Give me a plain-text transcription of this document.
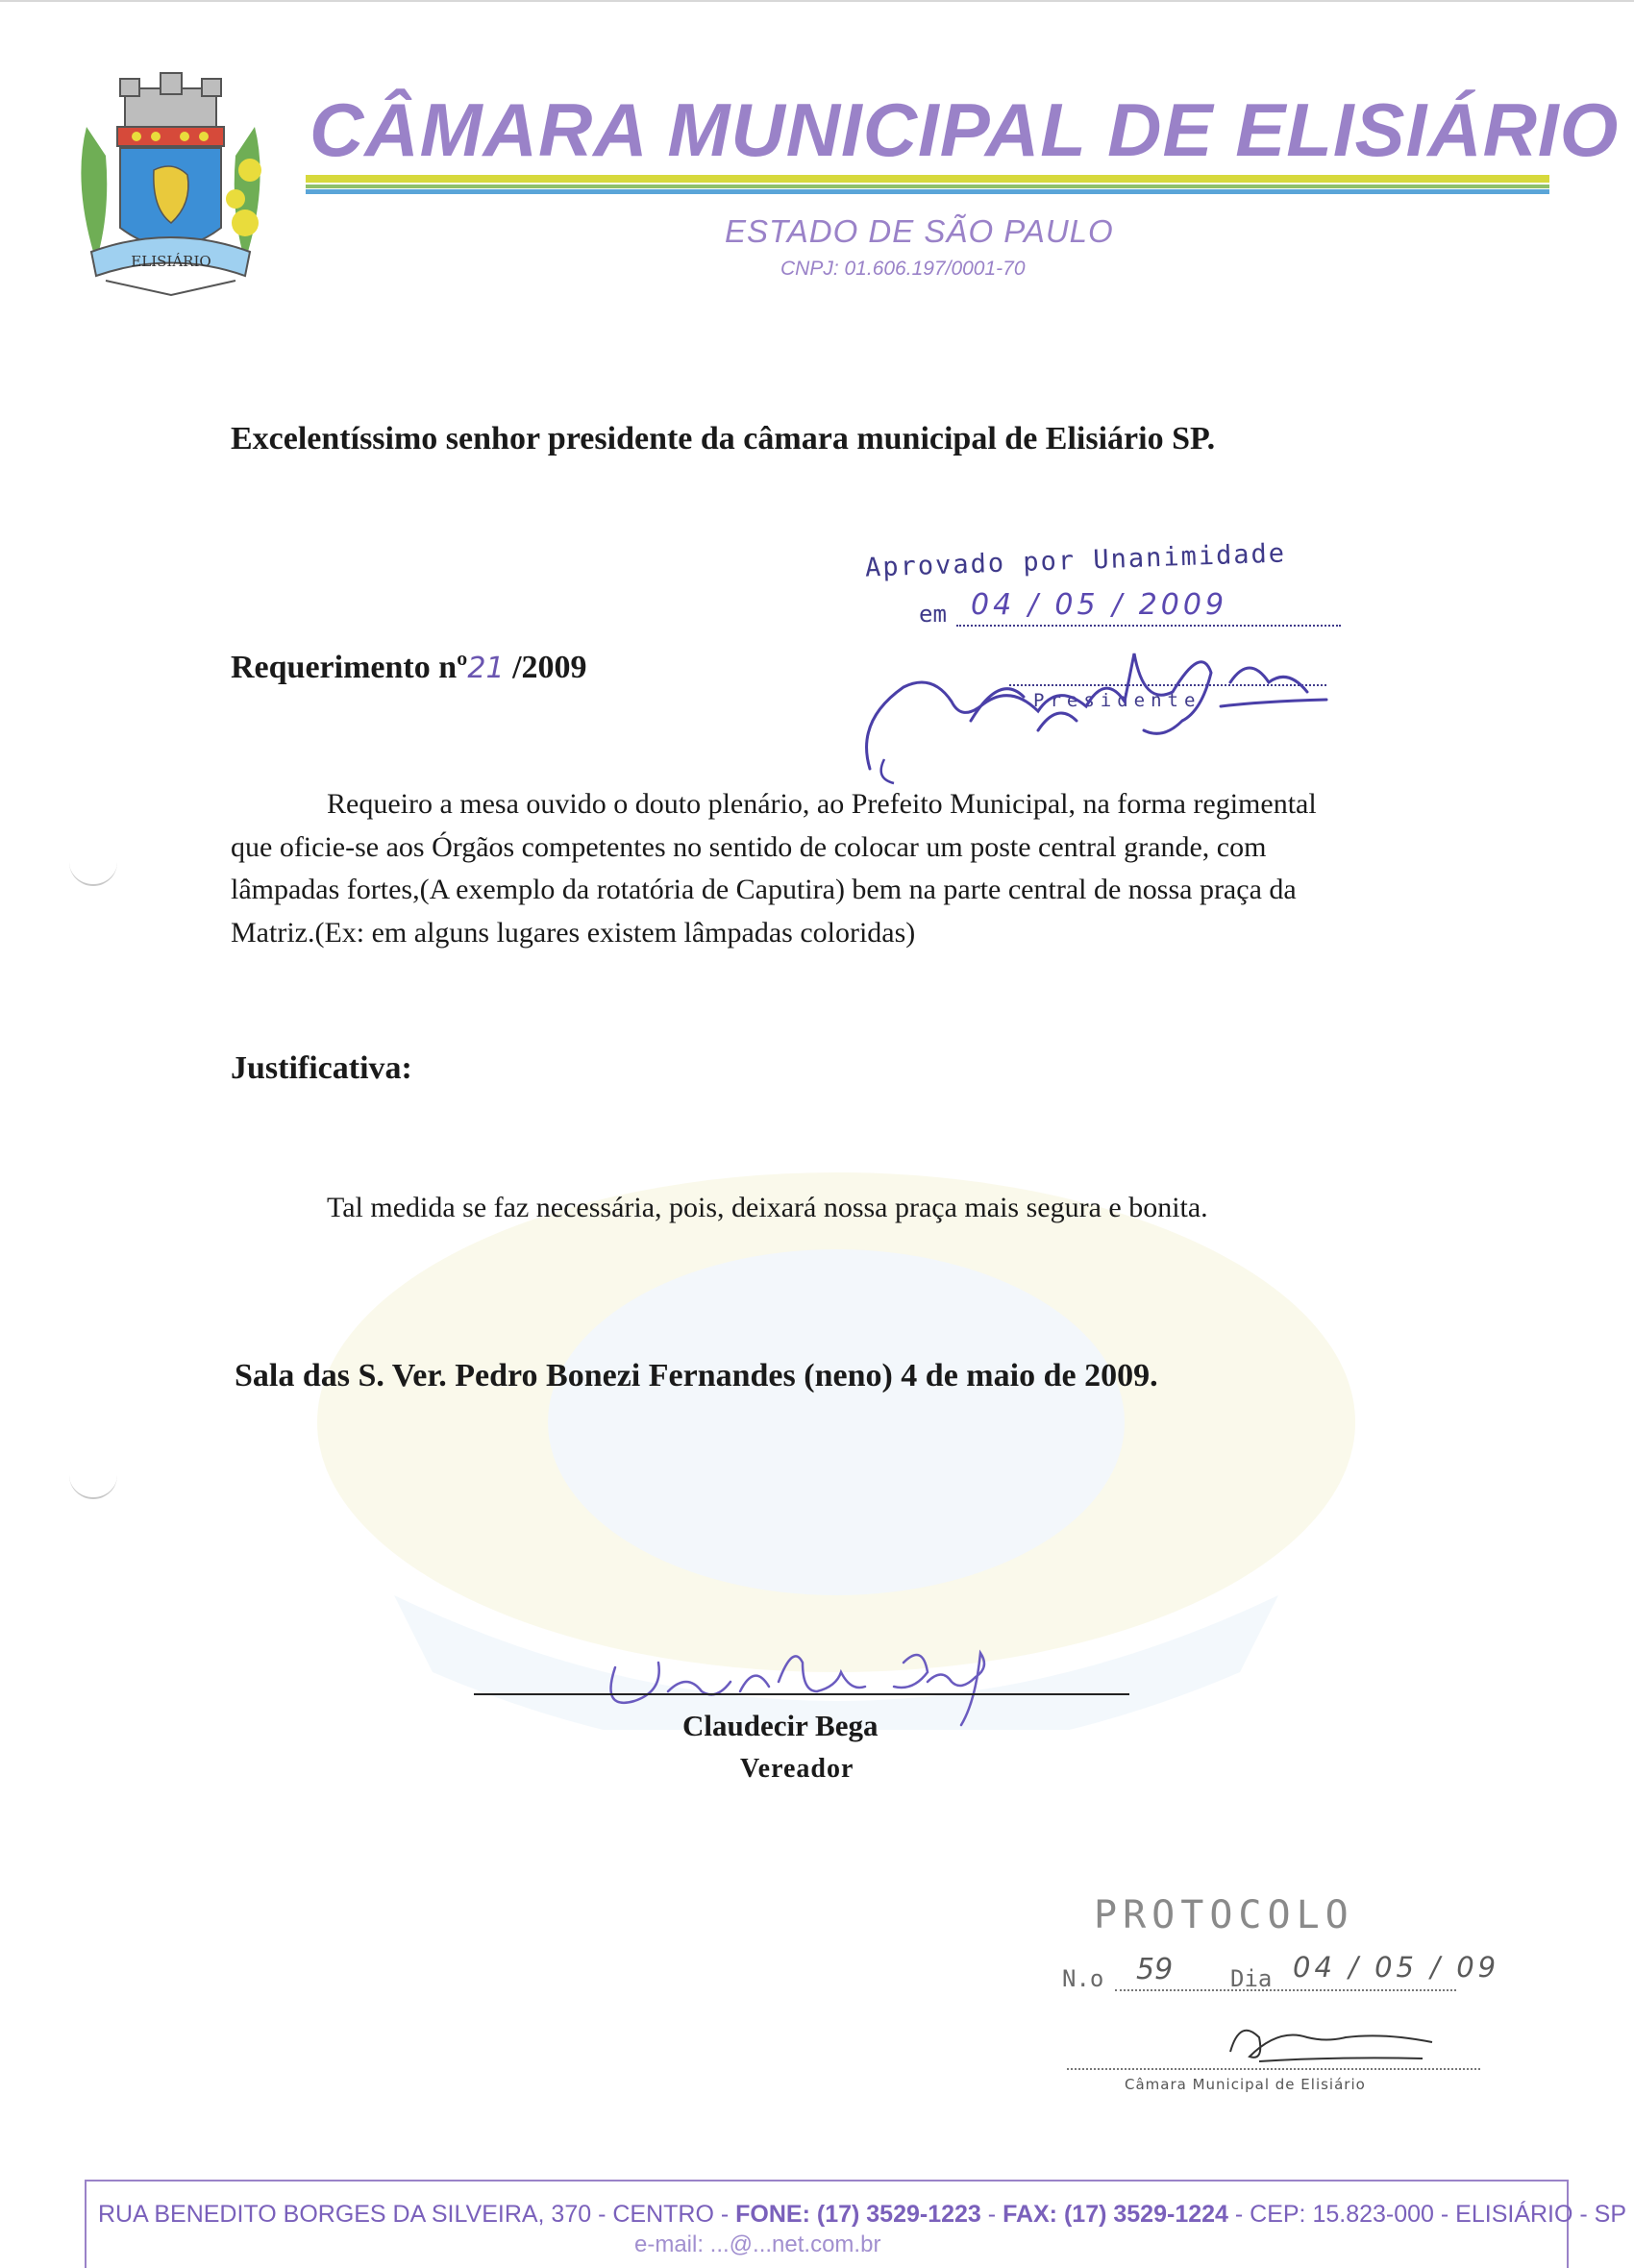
ELISIÁRIO
CÂMARA MUNICIPAL DE ELISIÁRIO
ESTADO DE SÃO PAULO
CNPJ: 01.606.197/0001-70
Excelentíssimo senhor presidente da câmara municipal de Elisiário SP.
Requerimento nº21 /2009
Aprovado por Unanimidade
em 04 / 05 / 2009
Presidente
Requeiro a mesa ouvido o douto plenário, ao Prefeito Municipal, na forma regimental que oficie-se aos Órgãos competentes no sentido de colocar um poste central grande, com lâmpadas fortes,(A exemplo da rotatória de Caputira) bem na parte central de nossa praça da Matriz.(Ex: em alguns lugares existem lâmpadas coloridas)
Justificativa:
Tal medida se faz necessária, pois, deixará nossa praça mais segura e bonita.
Sala das S. Ver. Pedro Bonezi Fernandes (neno) 4 de maio de 2009.
Claudecir Bega
Vereador
PROTOCOLO
N.o 59 Dia 04 / 05 / 09
Câmara Municipal de Elisiário
RUA BENEDITO BORGES DA SILVEIRA, 370 - CENTRO - FONE: (17) 3529-1223 - FAX: (17) 3529-1224 - CEP: 15.823-000 - ELISIÁRIO - SP
e-mail: ...@...net.com.br
